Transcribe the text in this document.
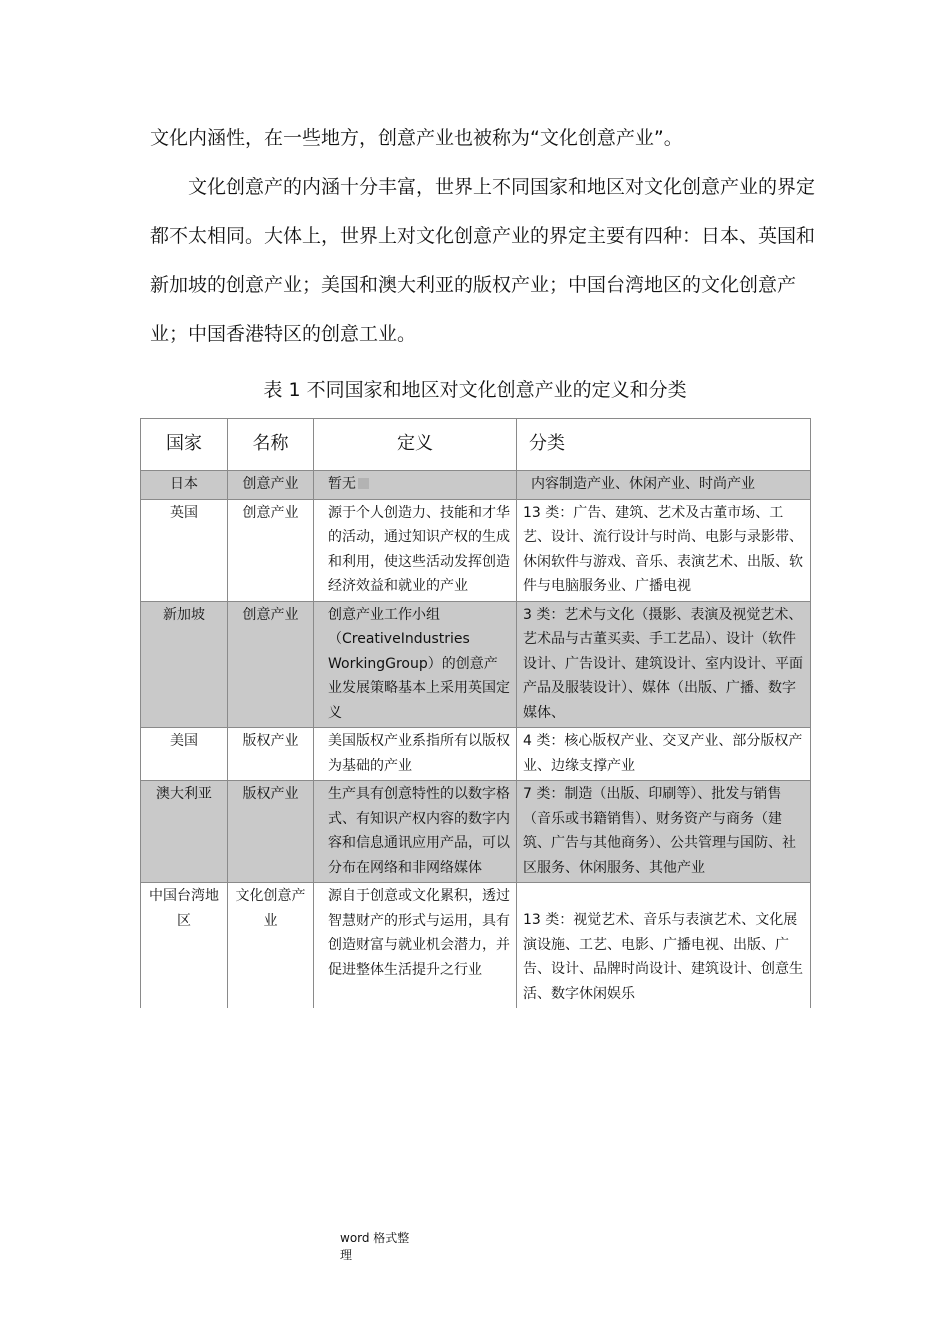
文化内涵性，在一些地方，创意产业也被称为“文化创意产业”。

文化创意产的内涵十分丰富，世界上不同国家和地区对文化创意产业的界定都不太相同。大体上，世界上对文化创意产业的界定主要有四种：日本、英国和新加坡的创意产业；美国和澳大利亚的版权产业；中国台湾地区的文化创意产业；中国香港特区的创意工业。

表 1 不同国家和地区对文化创意产业的定义和分类
国家	名称	定义	分类
日本	创意产业	暂无	内容制造产业、休闲产业、时尚产业
英国	创意产业	源于个人创造力、技能和才华的活动，通过知识产权的生成和利用，使这些活动发挥创造经济效益和就业的产业	13 类：广告、建筑、艺术及古董市场、工艺、设计、流行设计与时尚、电影与录影带、休闲软件与游戏、音乐、表演艺术、出版、软件与电脑服务业、广播电视
新加坡	创意产业	创意产业工作小组（CreativeIndustries WorkingGroup）的创意产业发展策略基本上采用英国定义	3 类：艺术与文化（摄影、表演及视觉艺术、艺术品与古董买卖、手工艺品）、设计（软件设计、广告设计、建筑设计、室内设计、平面产品及服装设计）、媒体（出版、广播、数字媒体、
美国	版权产业	美国版权产业系指所有以版权为基础的产业	4 类：核心版权产业、交叉产业、部分版权产业、边缘支撑产业
澳大利亚	版权产业	生产具有创意特性的以数字格式、有知识产权内容的数字内容和信息通讯应用产品，可以分布在网络和非网络媒体	7 类：制造（出版、印刷等）、批发与销售（音乐或书籍销售）、财务资产与商务（建筑、广告与其他商务）、公共管理与国防、社区服务、休闲服务、其他产业
中国台湾地区	文化创意产业	源自于创意或文化累积，透过智慧财产的形式与运用，具有创造财富与就业机会潜力，并促进整体生活提升之行业	13 类：视觉艺术、音乐与表演艺术、文化展演设施、工艺、电影、广播电视、出版、广告、设计、品牌时尚设计、建筑设计、创意生活、数字休闲娱乐
word 格式整理
